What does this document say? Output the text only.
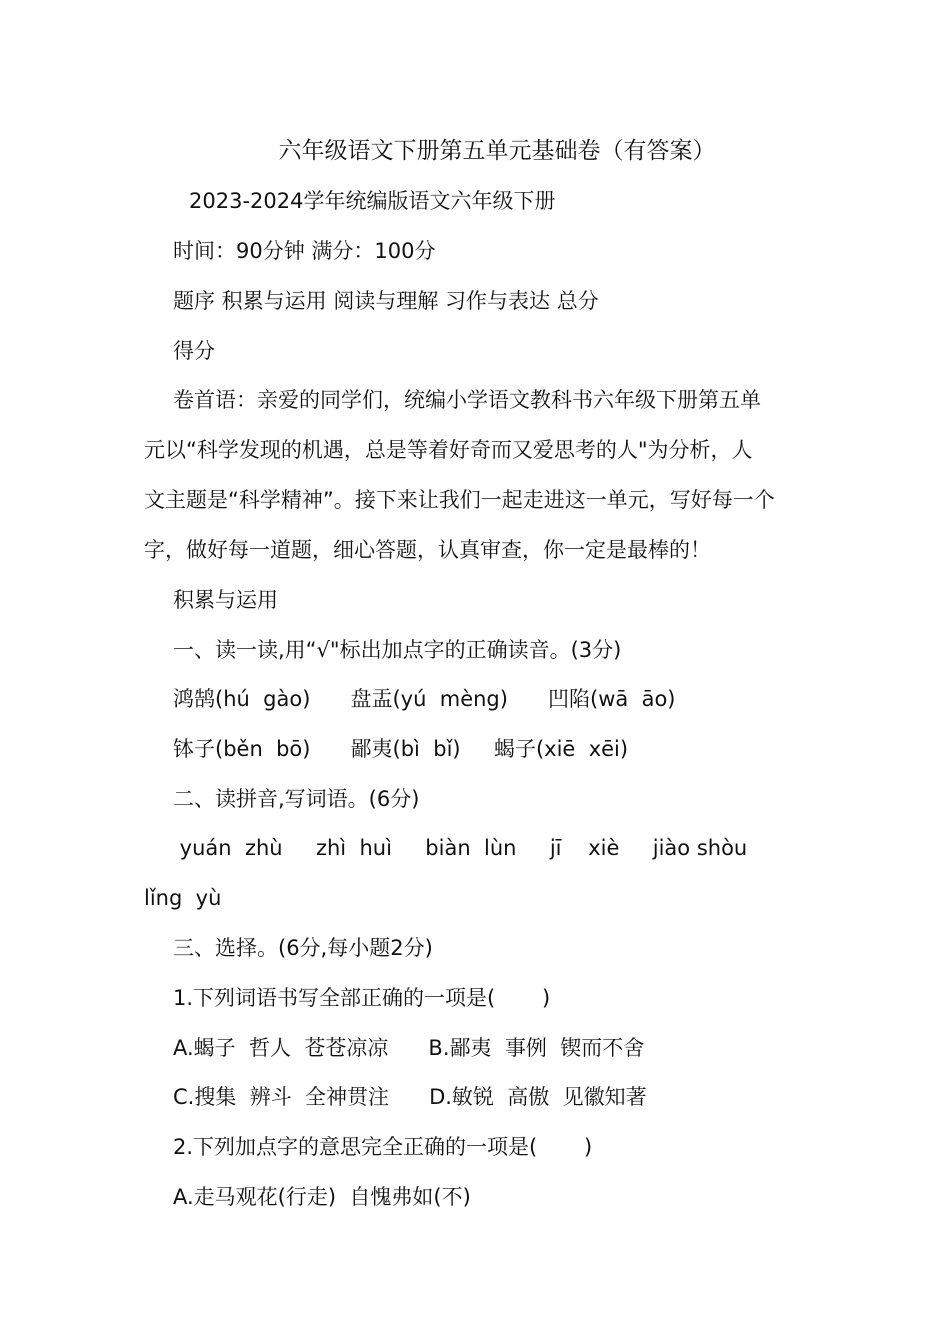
六年级语文下册第五单元基础卷（有答案）
2023-2024学年统编版语文六年级下册
时间：90分钟 满分：100分
题序 积累与运用 阅读与理解 习作与表达 总分
得分
卷首语：亲爱的同学们，统编小学语文教科书六年级下册第五单
元以“科学发现的机遇，总是等着好奇而又爱思考的人"为分析，人
文主题是“科学精神”。接下来让我们一起走进这一单元，写好每一个
字，做好每一道题，细心答题，认真审查，你一定是最棒的！
积累与运用
一、读一读,用“√"标出加点字的正确读音。(3分)
鸿鹄(hú  gào)      盘盂(yú  mèng)      凹陷(wā  āo)
钵子(běn  bō)      鄙夷(bì  bǐ)     蝎子(xiē  xēi)
二、读拼音,写词语。(6分)
yuán  zhù     zhì  huì     biàn  lùn     jī    xiè     jiào shòu
lǐng  yù
三、选择。(6分,每小题2分)
1.下列词语书写全部正确的一项是(       )
A.蝎子  哲人  苍苍凉凉      B.鄙夷  事例  锲而不舍
C.搜集  辨斗  全神贯注      D.敏锐  高傲  见徽知著
2.下列加点字的意思完全正确的一项是(       )
A.走马观花(行走)  自愧弗如(不)
